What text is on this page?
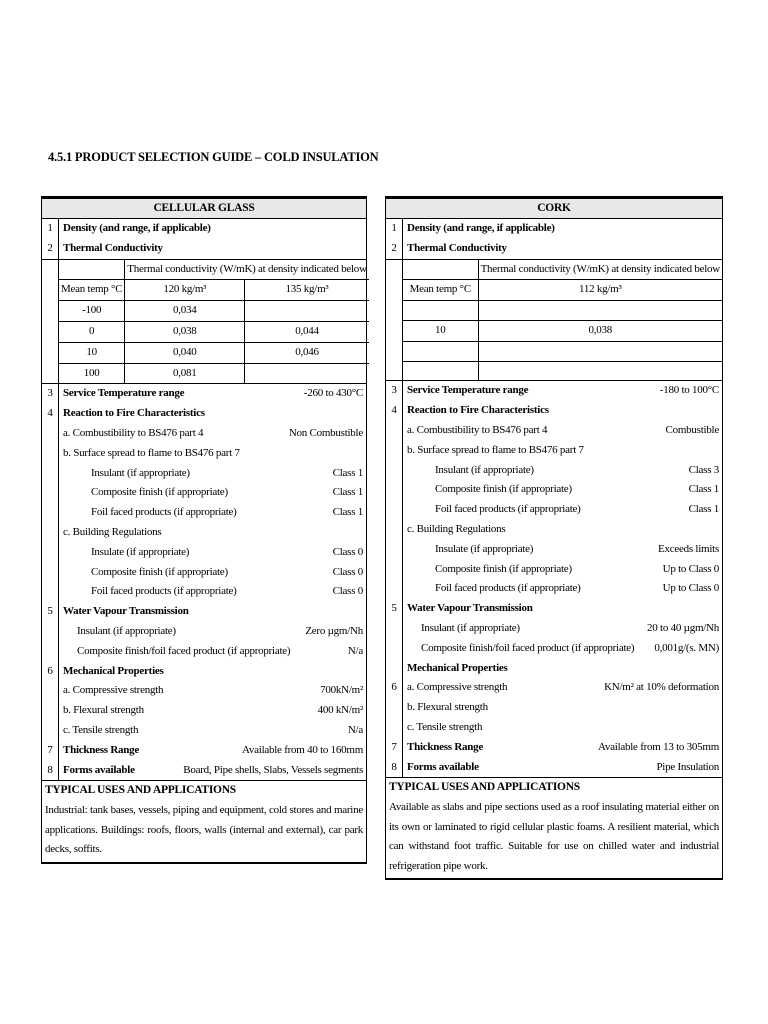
4.5.1 PRODUCT SELECTION GUIDE – COLD INSULATION
CELLULAR GLASS
1 Density (and range, if applicable)
2 Thermal Conductivity
	Thermal conductivity (W/mK) at density indicated below	
Mean temp °C	120 kg/m³	135 kg/m³
-100	0,034	
0	0,038	0,044
10	0,040	0,046
100	0,081	
3 Service Temperature range	-260 to 430°C
4 Reaction to Fire Characteristics
a. Combustibility to BS476 part 4	Non Combustible
b. Surface spread to flame to BS476 part 7
Insulant (if appropriate)	Class 1
Composite finish (if appropriate)	Class 1
Foil faced products (if appropriate)	Class 1
c. Building Regulations
Insulate (if appropriate)	Class 0
Composite finish (if appropriate)	Class 0
Foil faced products (if appropriate)	Class 0
5 Water Vapour Transmission
Insulant (if appropriate)	Zero µgm/Nh
Composite finish/foil faced product (if appropriate)	N/a
6 Mechanical Properties
a. Compressive strength	700kN/m²
b. Flexural strength	400 kN/m²
c. Tensile strength	N/a
7 Thickness Range	Available from 40 to 160mm
8 Forms available	Board, Pipe shells, Slabs, Vessels segments
TYPICAL USES AND APPLICATIONS
Industrial: tank bases, vessels, piping and equipment, cold stores and marine applications. Buildings: roofs, floors, walls (internal and external), car park decks, soffits.
CORK
1 Density (and range, if applicable)
2 Thermal Conductivity
	Thermal conductivity (W/mK) at density indicated below
Mean temp °C	112 kg/m³

10	0,038

3 Service Temperature range	-180 to 100°C
4 Reaction to Fire Characteristics
a. Combustibility to BS476 part 4	Combustible
b. Surface spread to flame to BS476 part 7
Insulant (if appropriate)	Class 3
Composite finish (if appropriate)	Class 1
Foil faced products (if appropriate)	Class 1
c. Building Regulations
Insulate (if appropriate)	Exceeds limits
Composite finish (if appropriate)	Up to Class 0
Foil faced products (if appropriate)	Up to Class 0
5 Water Vapour Transmission
Insulant (if appropriate)	20 to 40 µgm/Nh
Composite finish/foil faced product (if appropriate) 0,001g/(s. MN)
Mechanical Properties
6 a. Compressive strength	KN/m² at 10% deformation
b. Flexural strength
c. Tensile strength
7 Thickness Range	Available from 13 to 305mm
8 Forms available	Pipe Insulation
TYPICAL USES AND APPLICATIONS
Available as slabs and pipe sections used as a roof insulating material either on its own or laminated to rigid cellular plastic foams. A resilient material, which can withstand foot traffic. Suitable for use on chilled water and industrial refrigeration pipe work.
